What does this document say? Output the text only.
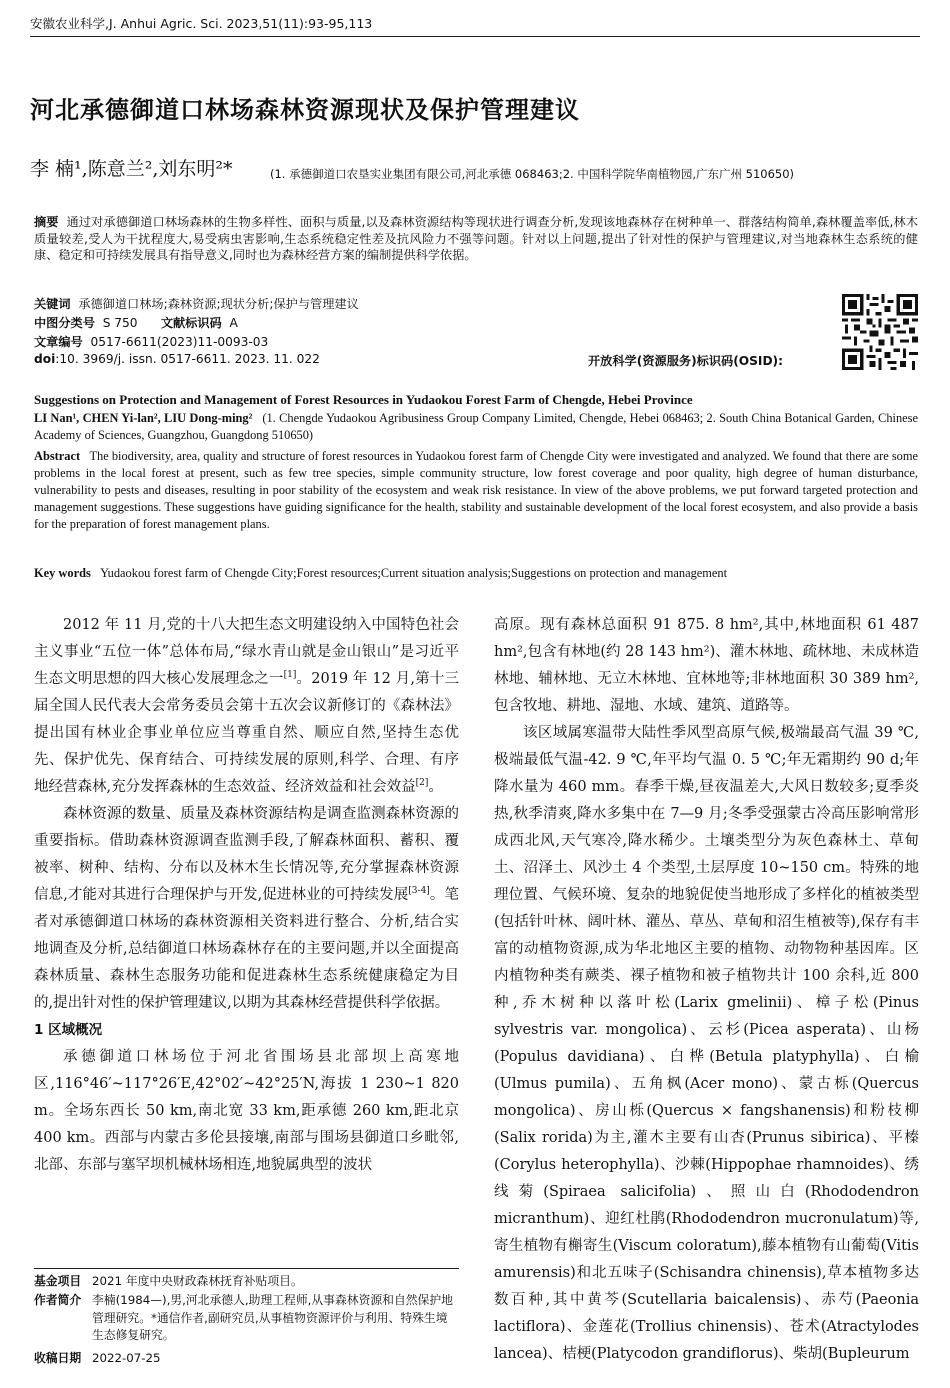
安徽农业科学,J. Anhui Agric. Sci. 2023,51(11):93-95,113
河北承德御道口林场森林资源现状及保护管理建议
李 楠¹,陈意兰²,刘东明²*	(1. 承德御道口农垦实业集团有限公司,河北承德 068463;2. 中国科学院华南植物园,广东广州 510650)
摘要 通过对承德御道口林场森林的生物多样性、面积与质量,以及森林资源结构等现状进行调查分析,发现该地森林存在树种单一、群落结构简单,森林覆盖率低,林木质量较差,受人为干扰程度大,易受病虫害影响,生态系统稳定性差及抗风险力不强等问题。针对以上问题,提出了针对性的保护与管理建议,对当地森林生态系统的健康、稳定和可持续发展具有指导意义,同时也为森林经营方案的编制提供科学依据。
关键词 承德御道口林场;森林资源;现状分析;保护与管理建议
中图分类号 S 750 文献标识码 A
文章编号 0517-6611(2023)11-0093-03
doi:10. 3969/j. issn. 0517-6611. 2023. 11. 022	开放科学(资源服务)标识码(OSID):
Suggestions on Protection and Management of Forest Resources in Yudaokou Forest Farm of Chengde, Hebei Province
LI Nan¹, CHEN Yi-lan², LIU Dong-ming² (1. Chengde Yudaokou Agribusiness Group Company Limited, Chengde, Hebei 068463; 2. South China Botanical Garden, Chinese Academy of Sciences, Guangzhou, Guangdong 510650)
Abstract The biodiversity, area, quality and structure of forest resources in Yudaokou forest farm of Chengde City were investigated and analyzed. We found that there are some problems in the local forest at present, such as few tree species, simple community structure, low forest coverage and poor quality, high degree of human disturbance, vulnerability to pests and diseases, resulting in poor stability of the ecosystem and weak risk resistance. In view of the above problems, we put forward targeted protection and management suggestions. These suggestions have guiding significance for the health, stability and sustainable development of the local forest ecosystem, and also provide a basis for the preparation of forest management plans.
Key words Yudaokou forest farm of Chengde City;Forest resources;Current situation analysis;Suggestions on protection and management

2012 年 11 月,党的十八大把生态文明建设纳入中国特色社会主义事业“五位一体”总体布局,“绿水青山就是金山银山”是习近平生态文明思想的四大核心发展理念之一[1]。2019 年 12 月,第十三届全国人民代表大会常务委员会第十五次会议新修订的《森林法》提出国有林业企事业单位应当尊重自然、顺应自然,坚持生态优先、保护优先、保育结合、可持续发展的原则,科学、合理、有序地经营森林,充分发挥森林的生态效益、经济效益和社会效益[2]。

森林资源的数量、质量及森林资源结构是调查监测森林资源的重要指标。借助森林资源调查监测手段,了解森林面积、蓄积、覆被率、树种、结构、分布以及林木生长情况等,充分掌握森林资源信息,才能对其进行合理保护与开发,促进林业的可持续发展[3-4]。笔者对承德御道口林场的森林资源相关资料进行整合、分析,结合实地调查及分析,总结御道口林场森林存在的主要问题,并以全面提高森林质量、森林生态服务功能和促进森林生态系统健康稳定为目的,提出针对性的保护管理建议,以期为其森林经营提供科学依据。

1 区域概况

承德御道口林场位于河北省围场县北部坝上高寒地区,116°46′~117°26′E,42°02′~42°25′N,海拔 1 230~1 820 m。全场东西长 50 km,南北宽 33 km,距承德 260 km,距北京 400 km。西部与内蒙古多伦县接壤,南部与围场县御道口乡毗邻,北部、东部与塞罕坝机械林场相连,地貌属典型的波状

高原。现有森林总面积 91 875. 8 hm²,其中,林地面积 61 487 hm²,包含有林地(约 28 143 hm²)、灌木林地、疏林地、未成林造林地、辅林地、无立木林地、宜林地等;非林地面积 30 389 hm²,包含牧地、耕地、湿地、水域、建筑、道路等。

该区域属寒温带大陆性季风型高原气候,极端最高气温 39 ℃,极端最低气温-42. 9 ℃,年平均气温 0. 5 ℃;年无霜期约 90 d;年降水量为 460 mm。春季干燥,昼夜温差大,大风日数较多;夏季炎热,秋季清爽,降水多集中在 7—9 月;冬季受强蒙古冷高压影响常形成西北风,天气寒冷,降水稀少。土壤类型分为灰色森林土、草甸土、沼泽土、风沙土 4 个类型,土层厚度 10~150 cm。特殊的地理位置、气候环境、复杂的地貌促使当地形成了多样化的植被类型(包括针叶林、阔叶林、灌丛、草丛、草甸和沼生植被等),保存有丰富的动植物资源,成为华北地区主要的植物、动物物种基因库。区内植物种类有蕨类、裸子植物和被子植物共计 100 余科,近 800 种,乔木树种以落叶松(Larix gmelinii)、樟子松(Pinus sylvestris var. mongolica)、云杉(Picea asperata)、山杨(Populus davidiana)、白桦(Betula platyphylla)、白榆(Ulmus pumila)、五角枫(Acer mono)、蒙古栎(Quercus mongolica)、房山栎(Quercus × fangshanensis)和粉枝柳(Salix rorida)为主,灌木主要有山杏(Prunus sibirica)、平榛(Corylus heterophylla)、沙棘(Hippophae rhamnoides)、绣线菊(Spiraea salicifolia)、照山白(Rhododendron micranthum)、迎红杜鹃(Rhododendron mucronulatum)等,寄生植物有槲寄生(Viscum coloratum),藤本植物有山葡萄(Vitis amurensis)和北五味子(Schisandra chinensis),草本植物多达数百种,其中黄芩(Scutellaria baicalensis)、赤芍(Paeonia lactiflora)、金莲花(Trollius chinensis)、苍术(Atractylodes lancea)、桔梗(Platycodon grandiflorus)、柴胡(Bupleurum

基金项目 2021 年度中央财政森林抚育补贴项目。
作者简介 李楠(1984—),男,河北承德人,助理工程师,从事森林资源和自然保护地管理研究。*通信作者,副研究员,从事植物资源评价与利用、特殊生境生态修复研究。
收稿日期 2022-07-25
